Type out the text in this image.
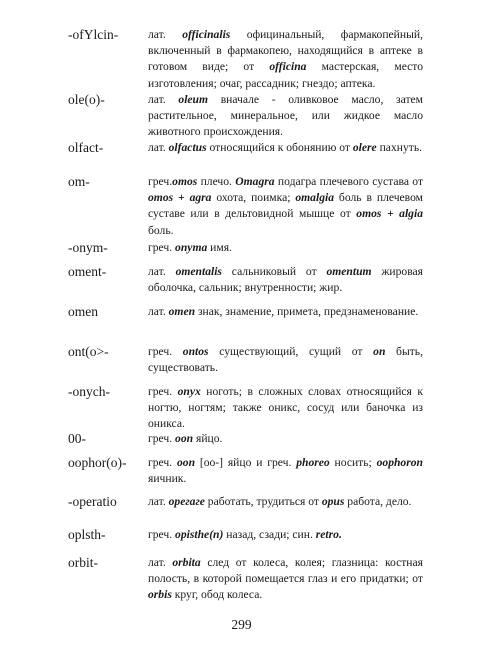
-ofYlcin-	лат. officinalis официнальный, фармакопейный, включенный в фармакопею, находящийся в аптеке в готовом виде; от officina мастерская, место изготовления; очаг, рассадник; гнездо; аптека.
ole(o)-	лат. oleum вначале - оливковое масло, затем растительное, минеральное, или жидкое масло животного происхождения.
olfact-	лат. olfactus относящийся к обонянию от olere пахнуть.
om-	греч.omos плечо. Omagra подагра плечевого сустава от omos + agra охота, поимка; omalgia боль в плечевом суставе или в дельтовидной мышце от omos + algia боль.
-onym-	греч. onyma имя.
oment-	лат. omentalis сальниковый от omentum жировая оболочка, сальник; внутренности; жир.
omen	лат. omen знак, знамение, примета, предзнаменование.
ont(o>-	греч. ontos существующий, сущий от on быть, существовать.
-onych-	греч. onyx ноготь; в сложных словах относящийся к ногтю, ногтям; также оникс, сосуд или баночка из оникса.
00-	греч. oon яйцо.
oophor(o)- греч. oon [оо-] яйцо и греч. phoreo носить; oophoron яичник.
-operatio	лат. орегаге работать, трудиться от opus работа, дело.
oplsth-	греч. opisthe(n) назад, сзади; син. retro.
orbit-	лат. orbita след от колеса, колея; глазница: костная полость, в которой помещается глаз и его придатки; от orbis круг, обод колеса.
299
